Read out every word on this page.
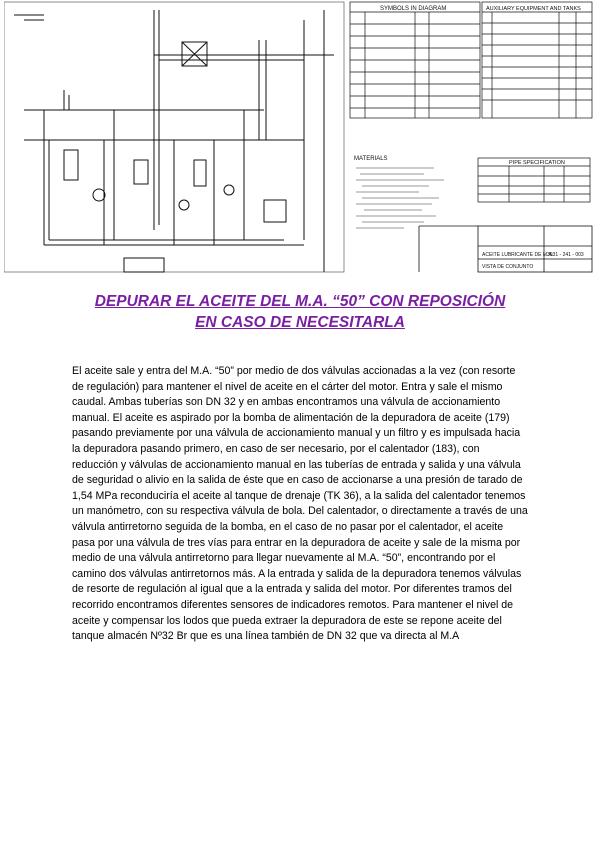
SYMBOLS IN DIAGRAM	AUXILIARY EQUIPMENT AND TANKS
MATERIALS
PIPE SPECIFICATION
ACEITE LUBRICANTE DE M.A.
VISTA DE CONJUNTO
3931 - 241 - 003
DEPURAR EL ACEITE DEL M.A. “50” CON REPOSICIÓN
EN CASO DE NECESITARLA

El aceite sale y entra del M.A. “50” por medio de dos válvulas accionadas a la vez (con resorte de regulación) para mantener el nivel de aceite en el cárter del motor. Entra y sale el mismo caudal. Ambas tuberías son DN 32 y en ambas encontramos una válvula de accionamiento manual. El aceite es aspirado por la bomba de alimentación de la depuradora de aceite (179) pasando previamente por una válvula de accionamiento manual y un filtro y es impulsada hacia la depuradora pasando primero, en caso de ser necesario, por el calentador (183), con reducción y válvulas de accionamiento manual en las tuberías de entrada y salida y una válvula de seguridad o alivio en la salida de éste que en caso de accionarse a una presión de tarado de 1,54 MPa reconduciría el aceite al tanque de drenaje (TK 36), a la salida del calentador tenemos un manómetro, con su respectiva válvula de bola. Del calentador, o directamente a través de una válvula antirretorno seguida de la bomba, en el caso de no pasar por el calentador, el aceite pasa por una válvula de tres vías para entrar en la depuradora de aceite y sale de la misma por medio de una válvula antirretorno para llegar nuevamente al M.A. “50”, encontrando por el camino dos válvulas antirretornos más. A la entrada y salida de la depuradora tenemos válvulas de resorte de regulación al igual que a la entrada y salida del motor. Por diferentes tramos del recorrido encontramos diferentes sensores de indicadores remotos. Para mantener el nivel de aceite y compensar los lodos que pueda extraer la depuradora de este se repone aceite del tanque almacén Nº32 Br que es una línea también de DN 32 que va directa al M.A
